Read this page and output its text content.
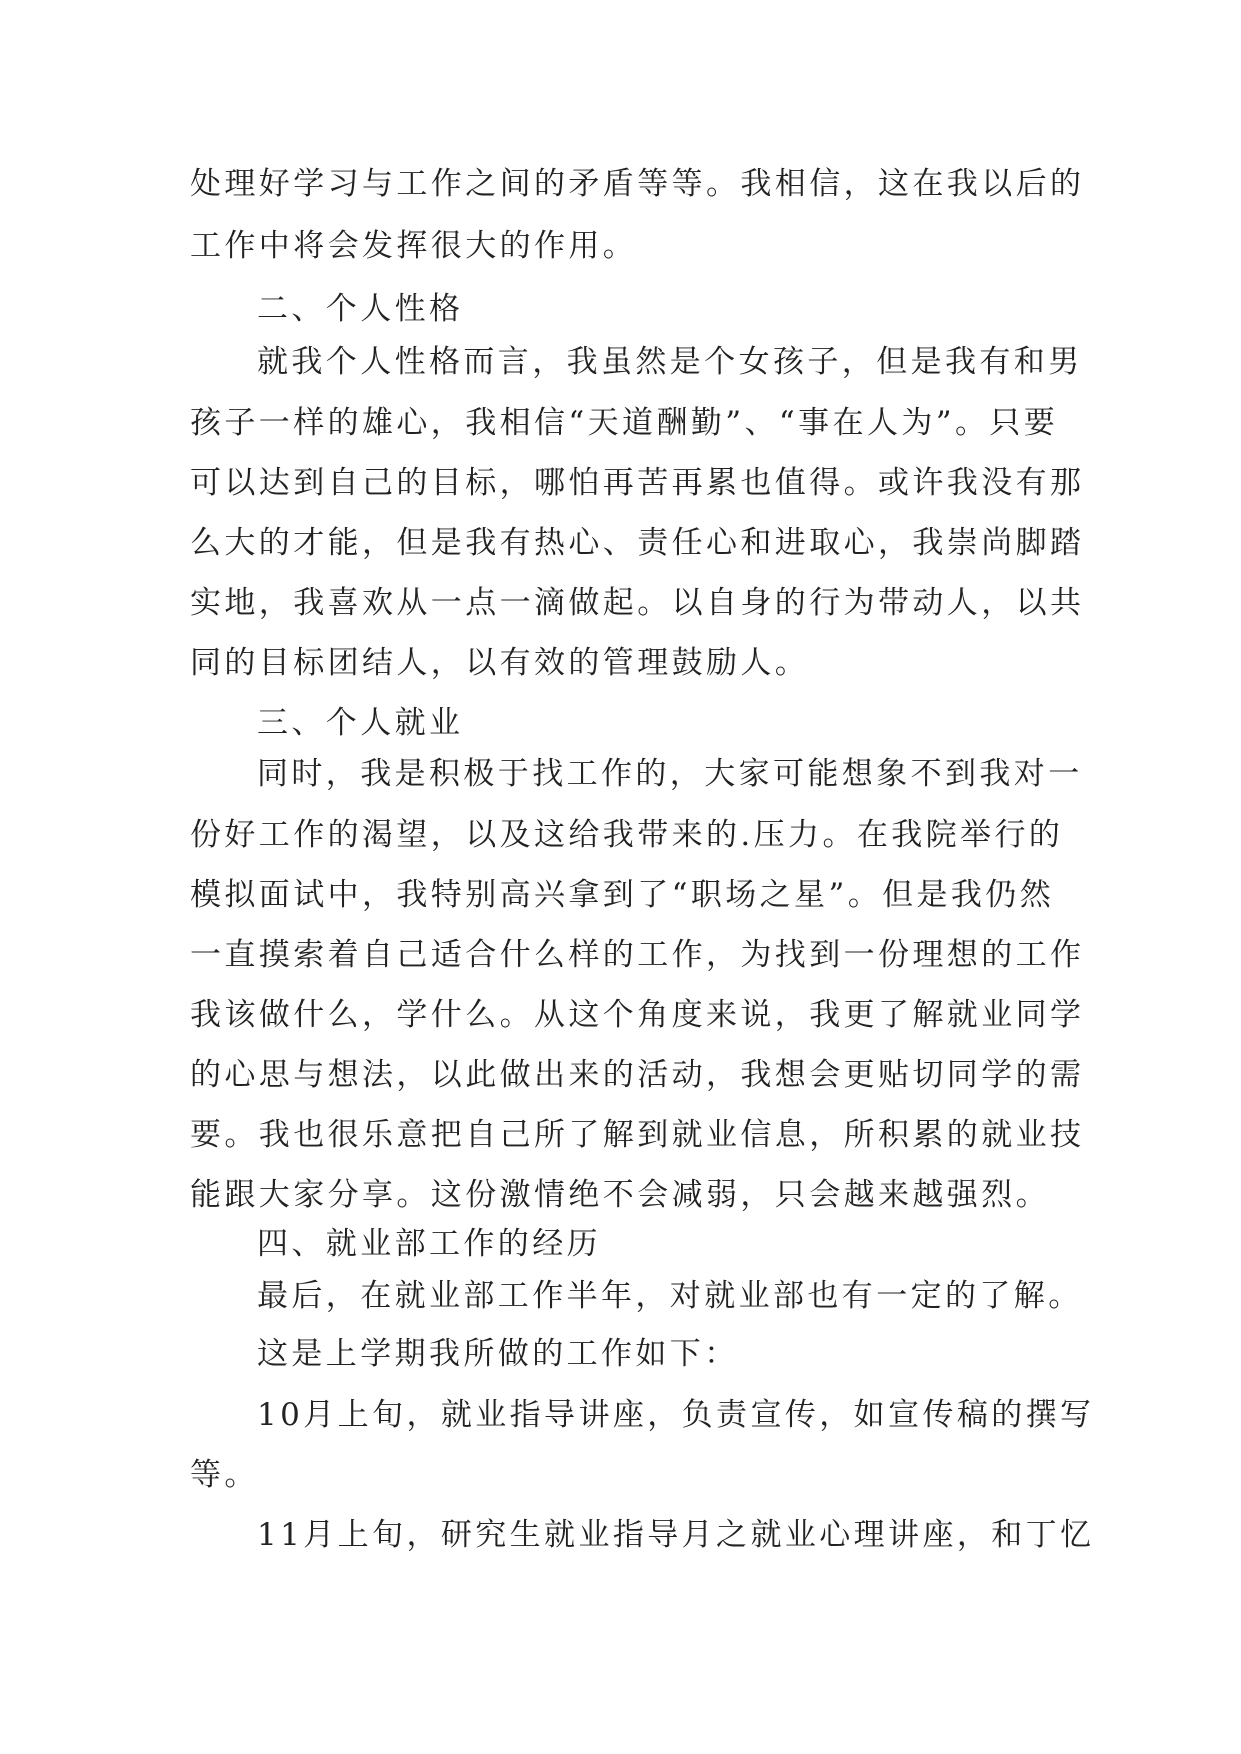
处理好学习与工作之间的矛盾等等。我相信，这在我以后的
工作中将会发挥很大的作用。
二、个人性格
就我个人性格而言，我虽然是个女孩子，但是我有和男
孩子一样的雄心，我相信“天道酬勤”、“事在人为”。只要
可以达到自己的目标，哪怕再苦再累也值得。或许我没有那
么大的才能，但是我有热心、责任心和进取心，我崇尚脚踏
实地，我喜欢从一点一滴做起。以自身的行为带动人，以共
同的目标团结人，以有效的管理鼓励人。
三、个人就业
同时，我是积极于找工作的，大家可能想象不到我对一
份好工作的渴望，以及这给我带来的.压力。在我院举行的
模拟面试中，我特别高兴拿到了“职场之星”。但是我仍然
一直摸索着自己适合什么样的工作，为找到一份理想的工作
我该做什么，学什么。从这个角度来说，我更了解就业同学
的心思与想法，以此做出来的活动，我想会更贴切同学的需
要。我也很乐意把自己所了解到就业信息，所积累的就业技
能跟大家分享。这份激情绝不会减弱，只会越来越强烈。
四、就业部工作的经历
最后，在就业部工作半年，对就业部也有一定的了解。
这是上学期我所做的工作如下：
10月上旬，就业指导讲座，负责宣传，如宣传稿的撰写
等。
11月上旬，研究生就业指导月之就业心理讲座，和丁忆
